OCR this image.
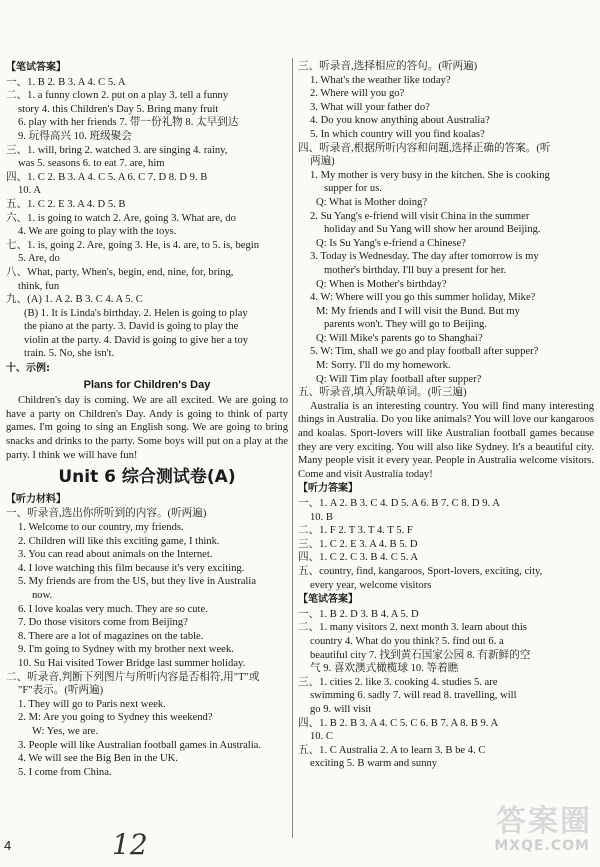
【笔试答案】
一、1. B 2. B 3. A 4. C 5. A
二、1. a funny clown 2. put on a play 3. tell a funny
story 4. this Children's Day 5. Bring many fruit
6. play with her friends 7. 带一份礼物 8. 太早到达
9. 玩得高兴 10. 班级聚会
三、1. will, bring 2. watched 3. are singing 4. rainy,
was 5. seasons 6. to eat 7. are, him
四、1. C 2. B 3. A 4. C 5. A 6. C 7. D 8. D 9. B
10. A
五、1. C 2. E 3. A 4. D 5. B
六、1. is going to watch 2. Are, going 3. What are, do
4. We are going to play with the toys.
七、1. is, going 2. Are, going 3. He, is 4. are, to 5. is, begin
5. Are, do
八、What, party, When's, begin, end, nine, for, bring,
think, fun
九、(A) 1. A 2. B 3. C 4. A 5. C
(B) 1. It is Linda's birthday. 2. Helen is going to play
the piano at the party. 3. David is going to play the
violin at the party. 4. David is going to give her a toy
train. 5. No, she isn't.
十、示例:
Plans for Children's Day
Children's day is coming. We are all excited. We are going to have a party on Children's Day. Andy is going to think of party games. I'm going to sing an English song. We are going to bring snacks and drinks to the party. Some boys will put on a play at the party. I think we will have fun!
Unit 6 综合测试卷(A)
【听力材料】
一、听录音,选出你所听到的内容。(听两遍)
1. Welcome to our country, my friends.
2. Children will like this exciting game, I think.
3. You can read about animals on the Internet.
4. I love watching this film because it's very exciting.
5. My friends are from the US, but they live in Australia
now.
6. I love koalas very much. They are so cute.
7. Do those visitors come from Beijing?
8. There are a lot of magazines on the table.
9. I'm going to Sydney with my brother next week.
10. Su Hai visited Tower Bridge last summer holiday.
二、听录音,判断下列图片与所听内容是否相符,用"T"或
"F"表示。(听两遍)
1. They will go to Paris next week.
2. M: Are you going to Sydney this weekend?
W: Yes, we are.
3. People will like Australian football games in Australia.
4. We will see the Big Ben in the UK.
5. I come from China.
三、听录音,选择相应的答句。(听两遍)
1. What's the weather like today?
2. Where will you go?
3. What will your father do?
4. Do you know anything about Australia?
5. In which country will you find koalas?
四、听录音,根据所听内容和问题,选择正确的答案。(听
两遍)
1. My mother is very busy in the kitchen. She is cooking
supper for us.
Q: What is Mother doing?
2. Su Yang's e-friend will visit China in the summer
holiday and Su Yang will show her around Beijing.
Q: Is Su Yang's e-friend a Chinese?
3. Today is Wednesday. The day after tomorrow is my
mother's birthday. I'll buy a present for her.
Q: When is Mother's birthday?
4. W: Where will you go this summer holiday, Mike?
M: My friends and I will visit the Bund. But my
parents won't. They will go to Beijing.
Q: Will Mike's parents go to Shanghai?
5. W: Tim, shall we go and play football after supper?
M: Sorry. I'll do my homework.
Q: Will Tim play football after supper?
五、听录音,填入所缺单词。(听三遍)
Australia is an interesting country. You will find many interesting things in Australia. Do you like animals? You will love our kangaroos and koalas. Sport-lovers will like Australian football games because they are very exciting. You will also like Sydney. It's a beautiful city. Many people visit it every year. People in Australia welcome visitors. Come and visit Australia today!
【听力答案】
一、1. A 2. B 3. C 4. D 5. A 6. B 7. C 8. D 9. A
10. B
二、1. F 2. T 3. T 4. T 5. F
三、1. C 2. E 3. A 4. B 5. D
四、1. C 2. C 3. B 4. C 5. A
五、country, find, kangaroos, Sport-lovers, exciting, city,
every year, welcome visitors
【笔试答案】
一、1. B 2. D 3. B 4. A 5. D
二、1. many visitors 2. next month 3. learn about this
country 4. What do you think? 5. find out 6. a
beautiful city 7. 找到黄石国家公园 8. 有新鲜的空
气 9. 喜欢澳式橄榄球 10. 等着瞧
三、1. cities 2. like 3. cooking 4. studies 5. are
swimming 6. sadly 7. will read 8. travelling, will
go 9. will visit
四、1. B 2. B 3. A 4. C 5. C 6. B 7. A 8. B 9. A
10. C
五、1. C Australia 2. A to learn 3. B be 4. C
exciting 5. B warm and sunny
4	12
答案圈
MXQE.COM
